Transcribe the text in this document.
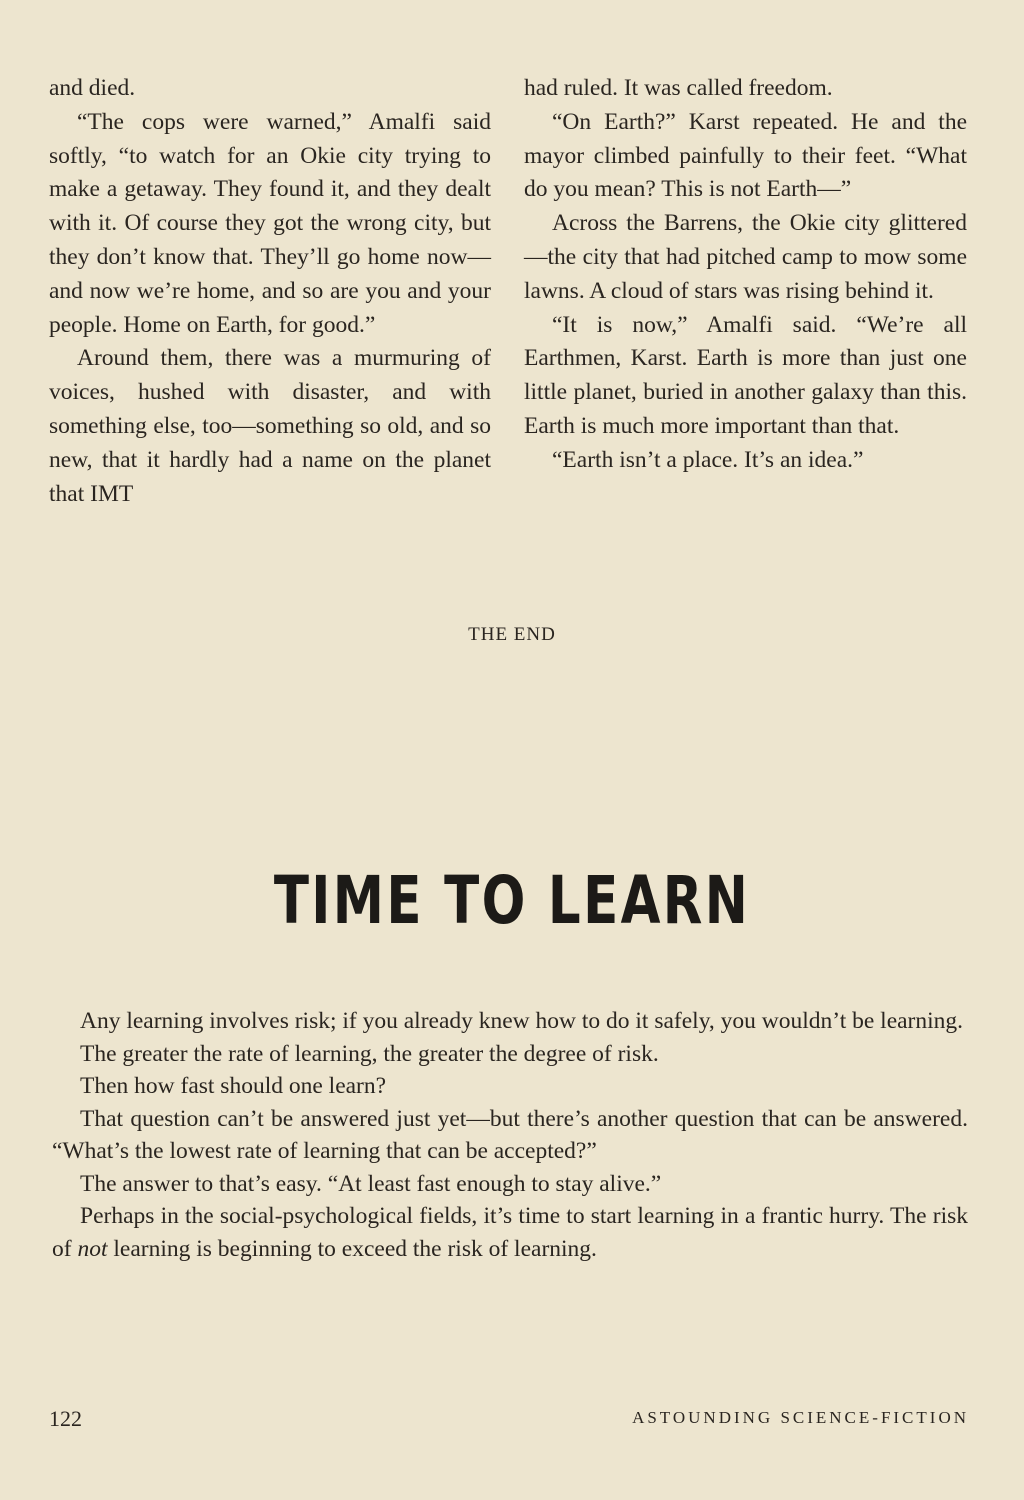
and died.

“The cops were warned,” Amalfi said softly, “to watch for an Okie city trying to make a getaway. They found it, and they dealt with it. Of course they got the wrong city, but they don’t know that. They’ll go home now—and now we’re home, and so are you and your people. Home on Earth, for good.”

Around them, there was a murmuring of voices, hushed with disaster, and with something else, too—something so old, and so new, that it hardly had a name on the planet that IMT

had ruled. It was called freedom.

“On Earth?” Karst repeated. He and the mayor climbed painfully to their feet. “What do you mean? This is not Earth—”

Across the Barrens, the Okie city glittered—the city that had pitched camp to mow some lawns. A cloud of stars was rising behind it.

“It is now,” Amalfi said. “We’re all Earthmen, Karst. Earth is more than just one little planet, buried in another galaxy than this. Earth is much more important than that.

“Earth isn’t a place. It’s an idea.”

THE END
TIME TO LEARN

Any learning involves risk; if you already knew how to do it safely, you wouldn’t be learning.

The greater the rate of learning, the greater the degree of risk.

Then how fast should one learn?

That question can’t be answered just yet—but there’s another question that can be answered. “What’s the lowest rate of learning that can be accepted?”

The answer to that’s easy. “At least fast enough to stay alive.”

Perhaps in the social-psychological fields, it’s time to start learning in a frantic hurry. The risk of not learning is beginning to exceed the risk of learning.

122	ASTOUNDING SCIENCE-FICTION
